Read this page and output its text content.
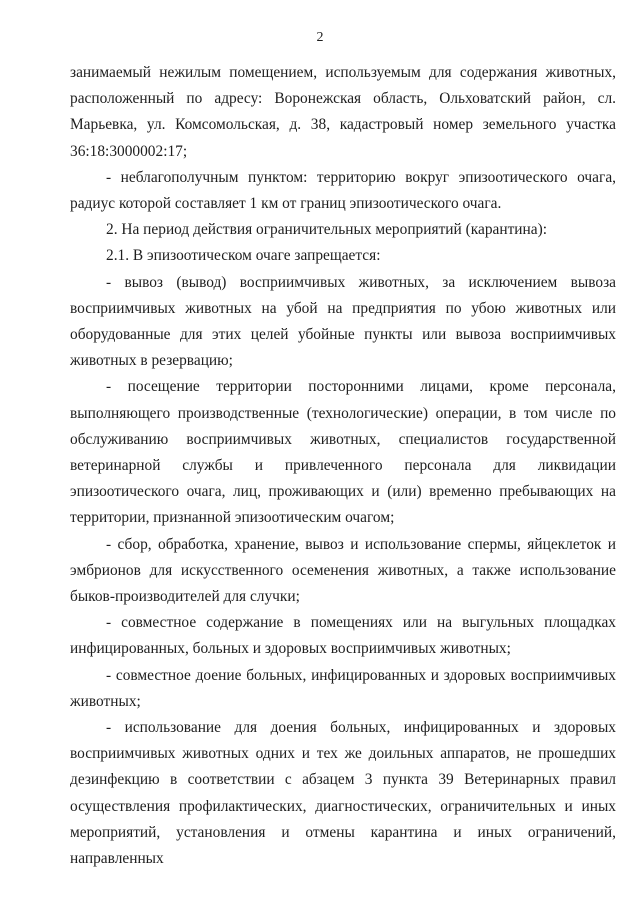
2

занимаемый нежилым помещением, используемым для содержания животных, расположенный по адресу: Воронежская область, Ольховатский район, сл. Марьевка, ул. Комсомольская, д. 38, кадастровый номер земельного участка 36:18:3000002:17;

- неблагополучным пунктом: территорию вокруг эпизоотического очага, радиус которой составляет 1 км от границ эпизоотического очага.

2. На период действия ограничительных мероприятий (карантина):

2.1. В эпизоотическом очаге запрещается:

- вывоз (вывод) восприимчивых животных, за исключением вывоза восприимчивых животных на убой на предприятия по убою животных или оборудованные для этих целей убойные пункты или вывоза восприимчивых животных в резервацию;

- посещение территории посторонними лицами, кроме персонала, выполняющего производственные (технологические) операции, в том числе по обслуживанию восприимчивых животных, специалистов государственной ветеринарной службы и привлеченного персонала для ликвидации эпизоотического очага, лиц, проживающих и (или) временно пребывающих на территории, признанной эпизоотическим очагом;

- сбор, обработка, хранение, вывоз и использование спермы, яйцеклеток и эмбрионов для искусственного осеменения животных, а также использование быков-производителей для случки;

- совместное содержание в помещениях или на выгульных площадках инфицированных, больных и здоровых восприимчивых животных;

- совместное доение больных, инфицированных и здоровых восприимчивых животных;

- использование для доения больных, инфицированных и здоровых восприимчивых животных одних и тех же доильных аппаратов, не прошедших дезинфекцию в соответствии с абзацем 3 пункта 39 Ветеринарных правил осуществления профилактических, диагностических, ограничительных и иных мероприятий, установления и отмены карантина и иных ограничений, направленных
